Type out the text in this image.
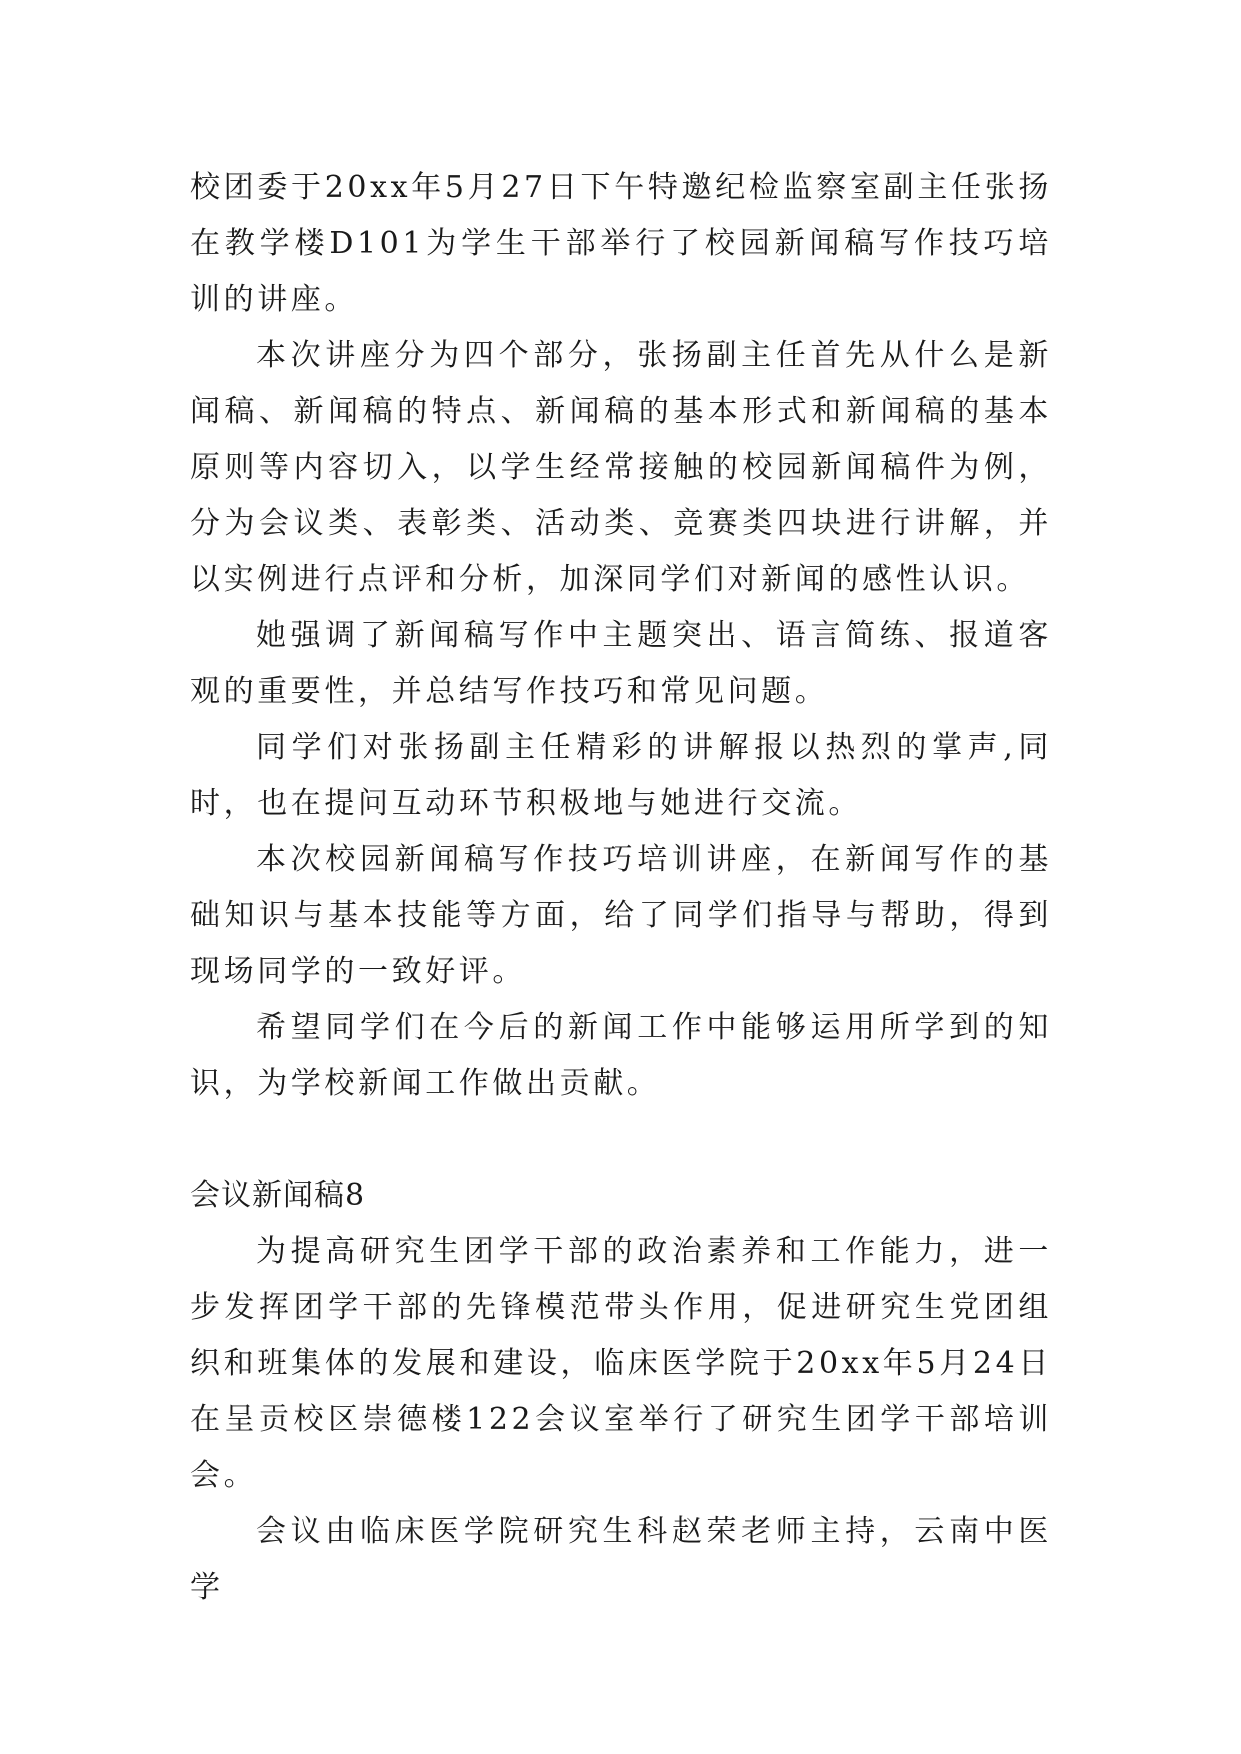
校团委于20xx年5月27日下午特邀纪检监察室副主任张扬在教学楼D101为学生干部举行了校园新闻稿写作技巧培训的讲座。

本次讲座分为四个部分，张扬副主任首先从什么是新闻稿、新闻稿的特点、新闻稿的基本形式和新闻稿的基本原则等内容切入，以学生经常接触的校园新闻稿件为例，分为会议类、表彰类、活动类、竞赛类四块进行讲解，并以实例进行点评和分析，加深同学们对新闻的感性认识。

她强调了新闻稿写作中主题突出、语言简练、报道客观的重要性，并总结写作技巧和常见问题。

同学们对张扬副主任精彩的讲解报以热烈的掌声,同时，也在提问互动环节积极地与她进行交流。

本次校园新闻稿写作技巧培训讲座，在新闻写作的基础知识与基本技能等方面，给了同学们指导与帮助，得到现场同学的一致好评。

希望同学们在今后的新闻工作中能够运用所学到的知识，为学校新闻工作做出贡献。

会议新闻稿8

为提高研究生团学干部的政治素养和工作能力，进一步发挥团学干部的先锋模范带头作用，促进研究生党团组织和班集体的发展和建设，临床医学院于20xx年5月24日在呈贡校区崇德楼122会议室举行了研究生团学干部培训会。

会议由临床医学院研究生科赵荣老师主持，云南中医学
